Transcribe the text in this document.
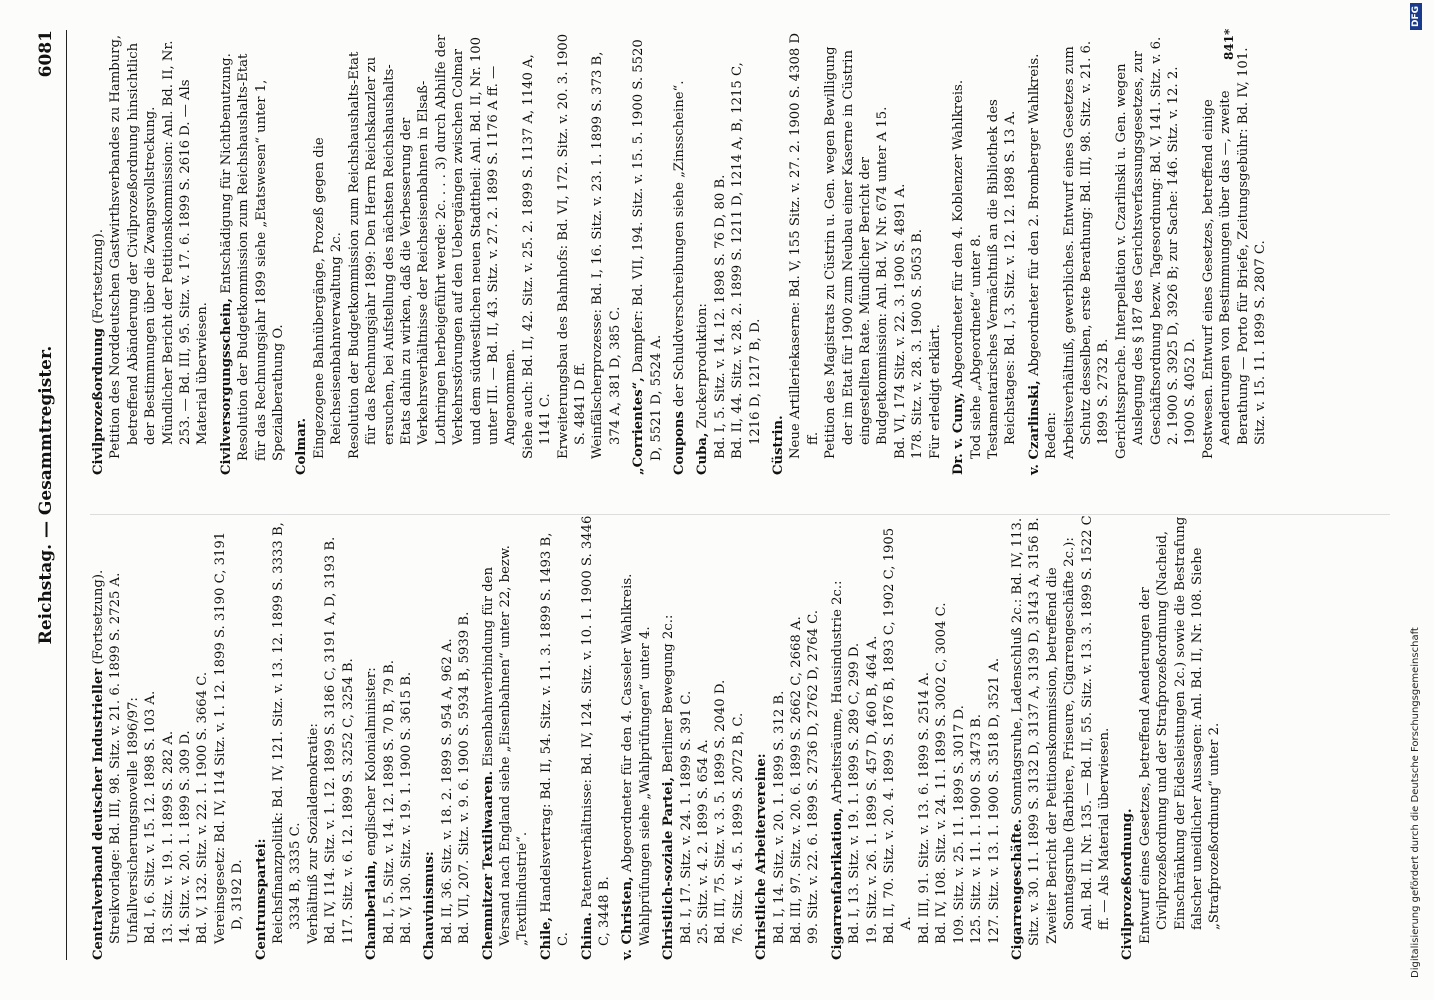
Reichstag. — Gesammtregister.
6081

Centralverband deutscher Industrieller (Fortsetzung). Streikvorlage: Bd. III, 98. Sitz. v. 21. 6. 1899 S. 2725 A. Unfallversicherungsnovelle 1896/97: Bd. I, 6. Sitz. v. 15. 12. 1898 S. 103 A. 13. Sitz. v. 19. 1. 1899 S. 282 A. 14. Sitz. v. 20. 1. 1899 S. 309 D. Bd. V, 132. Sitz. v. 22. 1. 1900 S. 3664 C. Vereinsgesetz: Bd. IV, 114 Sitz. v. 1. 12. 1899 S. 3190 C, 3191 D, 3192 D. Centrumspartei: Reichsfinanzpolitik: Bd. IV, 121. Sitz. v. 13. 12. 1899 S. 3333 B, 3334 B, 3335 C. Verhältniß zur Sozialdemokratie: Bd. IV, 114. Sitz. v. 1. 12. 1899 S. 3186 C, 3191 A, D, 3193 B. 117. Sitz. v. 6. 12. 1899 S. 3252 C, 3254 B. Chamberlain, englischer Kolonialminister: Bd. I, 5. Sitz. v. 14. 12. 1898 S. 70 B, 79 B. Bd. V, 130. Sitz. v. 19. 1. 1900 S. 3615 B. Chauvinismus: Bd. II, 36. Sitz. v. 18. 2. 1899 S. 954 A, 962 A. Bd. VII, 207. Sitz. v. 9. 6. 1900 S. 5934 B, 5939 B. Chemnitzer Textilwaaren. Eisenbahnverbindung für den Versand nach England siehe „Eisenbahnen“ unter 22, bezw. „Textilindustrie“. Chile, Handelsvertrag: Bd. II, 54. Sitz. v. 11. 3. 1899 S. 1493 B, C. China. Patentverhältnisse: Bd. IV, 124. Sitz. v. 10. 1. 1900 S. 3446 C, 3448 B. v. Christen, Abgeordneter für den 4. Casseler Wahlkreis. Wahlprüfungen siehe „Wahlprüfungen“ unter 4. Christlich-soziale Partei, Berliner Bewegung 2c.: Bd. I, 17. Sitz. v. 24. 1. 1899 S. 391 C. 25. Sitz. v. 4. 2. 1899 S. 654 A. Bd. III, 75. Sitz. v. 3. 5. 1899 S. 2040 D. 76. Sitz. v. 4. 5. 1899 S. 2072 B, C. Christliche Arbeitervereine: Bd. I, 14. Sitz. v. 20. 1. 1899 S. 312 B. Bd. III, 97. Sitz. v. 20. 6. 1899 S. 2662 C, 2668 A. 99. Sitz. v. 22. 6. 1899 S. 2736 D, 2762 D, 2764 C. Cigarrenfabrikation, Arbeitsräume, Hausindustrie 2c.: Bd. I, 13. Sitz. v. 19. 1. 1899 S. 289 C, 299 D. 19. Sitz. v. 26. 1. 1899 S. 457 D, 460 B, 464 A. Bd. II, 70. Sitz. v. 20. 4. 1899 S. 1876 B, 1893 C, 1902 C, 1905 A. Bd. III, 91. Sitz. v. 13. 6. 1899 S. 2514 A. Bd. IV, 108. Sitz. v. 24. 11. 1899 S. 3002 C, 3004 C. 109. Sitz. v. 25. 11. 1899 S. 3017 D. 125. Sitz. v. 11. 1. 1900 S. 3473 B. 127. Sitz. v. 13. 1. 1900 S. 3518 D, 3521 A. Cigarrengeschäfte. Sonntagsruhe, Ladenschluß 2c.: Bd. IV, 113. Sitz. v. 30. 11. 1899 S. 3132 D, 3137 A, 3139 D, 3143 A, 3156 B. Zweiter Bericht der Petitionskommission, betreffend die Sonntagsruhe (Barbiere, Friseure, Cigarrengeschäfte 2c.): Anl. Bd. II, Nr. 135. — Bd. II, 55. Sitz. v. 13. 3. 1899 S. 1522 C ff. — Als Material überwiesen. Civilprozeßordnung. Entwurf eines Gesetzes, betreffend Aenderungen der Civilprozeßordnung und der Strafprozeßordnung (Nacheid, Einschränkung der Eidesleistungen 2c.) sowie die Bestrafung falscher uneidlicher Aussagen: Anl. Bd. II, Nr. 108. Siehe „Strafprozeßordnung“ unter 2.

Civilprozeßordnung (Fortsetzung). Petition des Norddeutschen Gastwirthsverbandes zu Hamburg, betreffend Abänderung der Civilprozeßordnung hinsichtlich der Bestimmungen über die Zwangsvollstreckung. Mündlicher Bericht der Petitionskommission: Anl. Bd. II, Nr. 253. — Bd. III, 95. Sitz. v. 17. 6. 1899 S. 2616 D. — Als Material überwiesen. Civilversorgungsschein, Entschädigung für Nichtbenutzung. Resolution der Budgetkommission zum Reichshaushalts-Etat für das Rechnungsjahr 1899 siehe „Etatswesen“ unter 1, Spezialberathung O. Colmar. Eingezogene Bahnübergänge, Prozeß gegen die Reichseisenbahnverwaltung 2c. Resolution der Budgetkommission zum Reichshaushalts-Etat für das Rechnungsjahr 1899: Den Herrn Reichskanzler zu ersuchen, bei Aufstellung des nächsten Reichshaushalts-Etats dahin zu wirken, daß die Verbesserung der Verkehrsverhältnisse der Reichseisenbahnen in Elsaß-Lothringen herbeigeführt werde: 2c. . . . 3) durch Abhilfe der Verkehrsstörungen auf den Uebergängen zwischen Colmar und dem südwestlichen neuen Stadttheil: Anl. Bd. II, Nr. 100 unter III. — Bd. II, 43. Sitz. v. 27. 2. 1899 S. 1176 A ff. — Angenommen. Siehe auch: Bd. II, 42. Sitz. v. 25. 2. 1899 S. 1137 A, 1140 A, 1141 C. Erweiterungsbau des Bahnhofs: Bd. VI, 172. Sitz. v. 20. 3. 1900 S. 4841 D ff. Weinfälscherprozesse: Bd. I, 16. Sitz. v. 23. 1. 1899 S. 373 B, 374 A, 381 D, 385 C. „Corrientes“, Dampfer: Bd. VII, 194. Sitz. v. 15. 5. 1900 S. 5520 D, 5521 D, 5524 A. Coupons der Schuldverschreibungen siehe „Zinsscheine“.

Cuba, Zuckerproduktion: Bd. I, 5. Sitz. v. 14. 12. 1898 S. 76 D, 80 B. Bd. II, 44. Sitz. v. 28. 2. 1899 S. 1211 D, 1214 A, B, 1215 C, 1216 D, 1217 B, D.

Cüstrin. Neue Artilleriekaserne: Bd. V, 155 Sitz. v. 27. 2. 1900 S. 4308 D ff. Petition des Magistrats zu Cüstrin u. Gen. wegen Bewilligung der im Etat für 1900 zum Neubau einer Kaserne in Cüstrin eingestellten Rate. Mündlicher Bericht der Budgetkommission: Anl. Bd. V, Nr. 674 unter A 15. Bd. VI, 174 Sitz. v. 22. 3. 1900 S. 4891 A. 178. Sitz. v. 28. 3. 1900 S. 5053 B. Für erledigt erklärt. Dr. v. Cuny, Abgeordneter für den 4. Koblenzer Wahlkreis. Tod siehe „Abgeordnete“ unter 8. Testamentarisches Vermächtniß an die Bibliothek des Reichstages: Bd. I, 3. Sitz. v. 12. 12. 1898 S. 13 A. v. Czarlinski, Abgeordneter für den 2. Bromberger Wahlkreis.

Reden: Arbeitsverhältniß, gewerbliches. Entwurf eines Gesetzes zum Schutz desselben, erste Berathung: Bd. III, 98. Sitz. v. 21. 6. 1899 S. 2732 B. Gerichtssprache. Interpellation v. Czarlinski u. Gen. wegen Auslegung des § 187 des Gerichtsverfassungsgesetzes, zur Geschäftsordnung bezw. Tagesordnung: Bd. V, 141. Sitz. v. 6. 2. 1900 S. 3925 D, 3926 B; zur Sache: 146. Sitz. v. 12. 2. 1900 S. 4052 D. Postwesen. Entwurf eines Gesetzes, betreffend einige Aenderungen von Bestimmungen über das —, zweite Berathung — Porto für Briefe, Zeitungsgebühr: Bd. IV, 101. Sitz. v. 15. 11. 1899 S. 2807 C.

841*
Digitalisierung gefördert durch die Deutsche Forschungsgemeinschaft
DFG
